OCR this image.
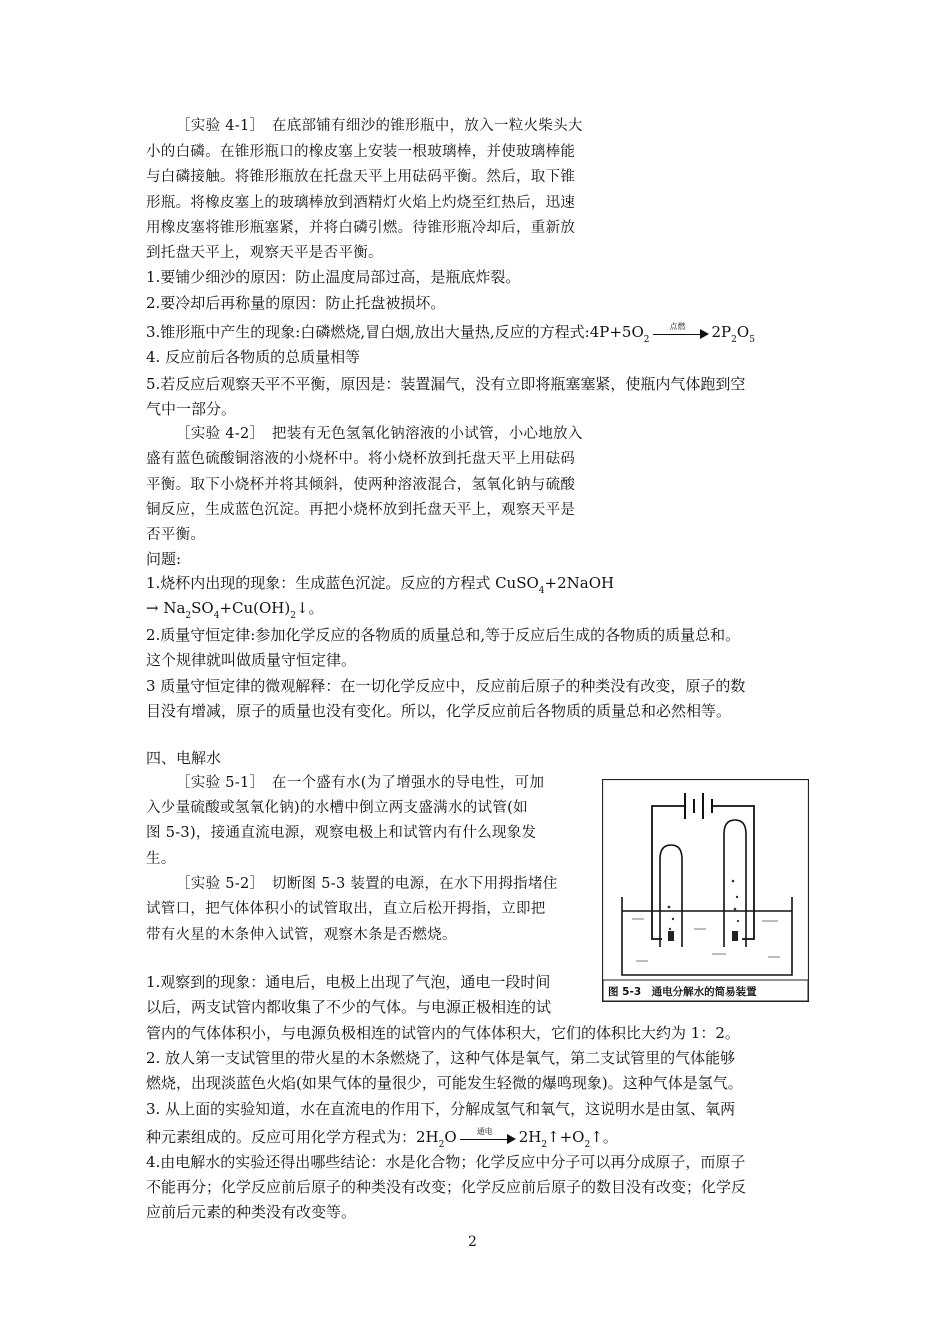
［实验 4-1］　在底部铺有细沙的锥形瓶中，放入一粒火柴头大
小的白磷。在锥形瓶口的橡皮塞上安装一根玻璃棒，并使玻璃棒能
与白磷接触。将锥形瓶放在托盘天平上用砝码平衡。然后，取下锥
形瓶。将橡皮塞上的玻璃棒放到酒精灯火焰上灼烧至红热后，迅速
用橡皮塞将锥形瓶塞紧，并将白磷引燃。待锥形瓶冷却后，重新放
到托盘天平上，观察天平是否平衡。
1.要铺少细沙的原因：防止温度局部过高，是瓶底炸裂。
2.要冷却后再称量的原因：防止托盘被损坏。
3.锥形瓶中产生的现象:白磷燃烧,冒白烟,放出大量热,反应的方程式$:4P+5O_2$
点燃	$2P_2O_5$
4. 反应前后各物质的总质量相等
5.若反应后观察天平不平衡，原因是：装置漏气，没有立即将瓶塞塞紧，使瓶内气体跑到空
气中一部分。
［实验 4-2］　把装有无色氢氧化钠溶液的小试管，小心地放入
盛有蓝色硫酸铜溶液的小烧杯中。将小烧杯放到托盘天平上用砝码
平衡。取下小烧杯并将其倾斜，使两种溶液混合，氢氧化钠与硫酸
铜反应，生成蓝色沉淀。再把小烧杯放到托盘天平上，观察天平是
否平衡。
问题:
1.烧杯内出现的现象：生成蓝色沉淀。反应的方程式 CuSO$_4$+2NaOH
→ $Na_2SO_4+Cu(OH)_2↓$。
2.质量守恒定律:参加化学反应的各物质的质量总和,等于反应后生成的各物质的质量总和。
这个规律就叫做质量守恒定律。
3 质量守恒定律的微观解释：在一切化学反应中，反应前后原子的种类没有改变，原子的数
目没有增减，原子的质量也没有变化。所以，化学反应前后各物质的质量总和必然相等。
四、电解水
［实验 5-1］　在一个盛有水(为了增强水的导电性，可加
入少量硫酸或氢氧化钠)的水槽中倒立两支盛满水的试管(如
图 5-3)，接通直流电源，观察电极上和试管内有什么现象发
生。
［实验 5-2］　切断图 5-3 装置的电源，在水下用拇指堵住
试管口，把气体体积小的试管取出，直立后松开拇指，立即把
带有火星的木条伸入试管，观察木条是否燃烧。
1.观察到的现象：通电后，电极上出现了气泡，通电一段时间
以后，两支试管内都收集了不少的气体。与电源正极相连的试
管内的气体体积小，与电源负极相连的试管内的气体体积大，它们的体积比大约为 1：2。
2. 放人第一支试管里的带火星的木条燃烧了，这种气体是氧气，第二支试管里的气体能够
燃烧，出现淡蓝色火焰(如果气体的量很少，可能发生轻微的爆鸣现象)。这种气体是氢气。
3. 从上面的实验知道，水在直流电的作用下，分解成氢气和氧气，这说明水是由氢、氧两
种元素组成的。反应可用化学方程式为：$2H_2O$	通电	$2H_2↑+O_2↑$。
4.由电解水的实验还得出哪些结论：水是化合物；化学反应中分子可以再分成原子，而原子
不能再分；化学反应前后原子的种类没有改变；化学反应前后原子的数目没有改变；化学反
应前后元素的种类没有改变等。
图 5-3　通电分解水的简易装置
2
